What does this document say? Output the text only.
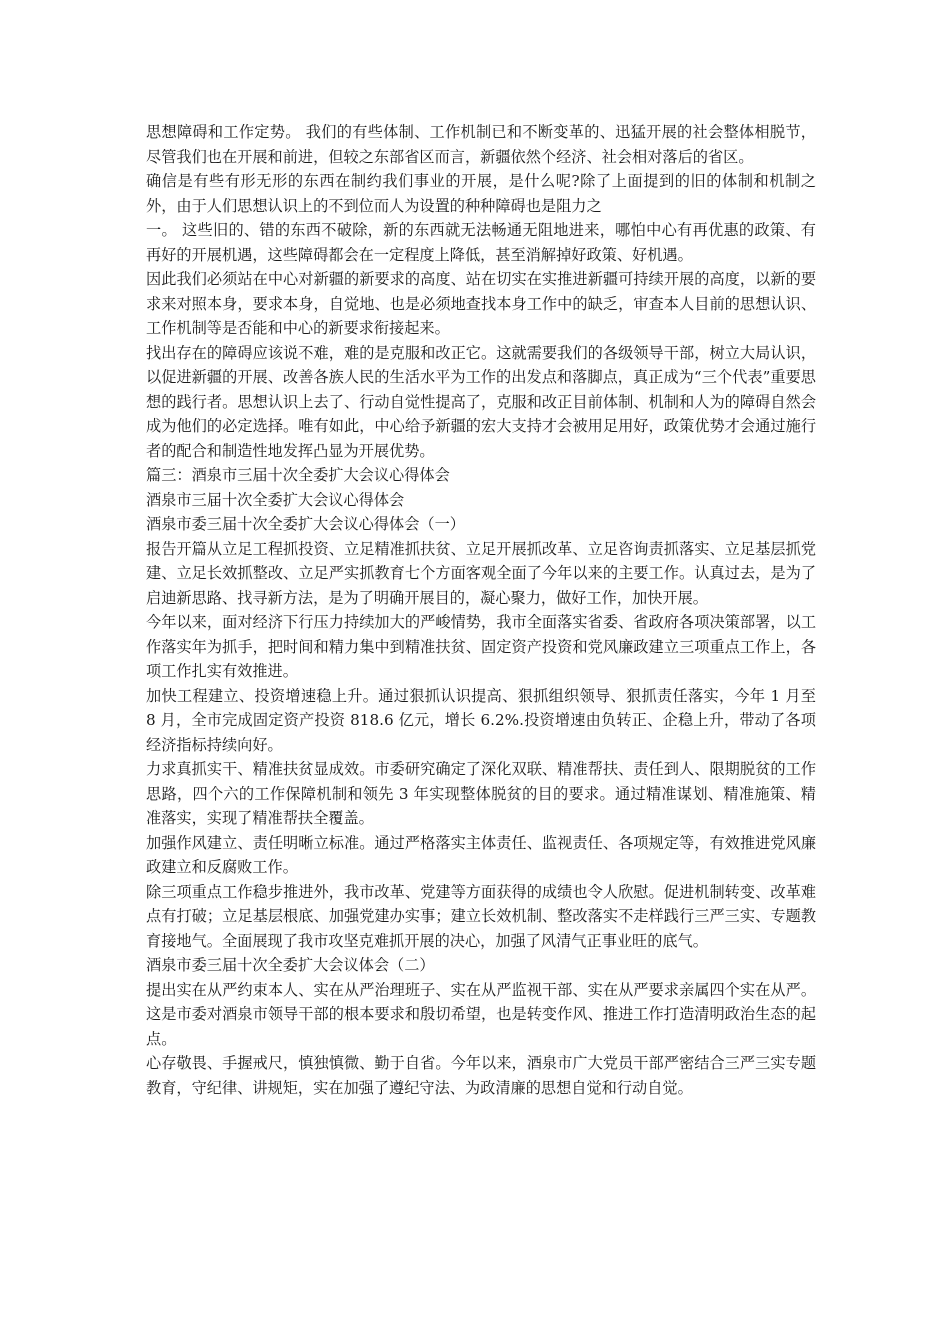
思想障碍和工作定势。 我们的有些体制、工作机制已和不断变革的、迅猛开展的社会整体相脱节，尽管我们也在开展和前进，但较之东部省区而言，新疆依然个经济、社会相对落后的省区。

确信是有些有形无形的东西在制约我们事业的开展，是什么呢?除了上面提到的旧的体制和机制之外，由于人们思想认识上的不到位而人为设置的种种障碍也是阻力之

一。 这些旧的、错的东西不破除，新的东西就无法畅通无阻地进来，哪怕中心有再优惠的政策、有再好的开展机遇，这些障碍都会在一定程度上降低，甚至消解掉好政策、好机遇。

因此我们必须站在中心对新疆的新要求的高度、站在切实在实推进新疆可持续开展的高度，以新的要求来对照本身，要求本身，自觉地、也是必须地查找本身工作中的缺乏，审查本人目前的思想认识、工作机制等是否能和中心的新要求衔接起来。

找出存在的障碍应该说不难，难的是克服和改正它。这就需要我们的各级领导干部，树立大局认识，以促进新疆的开展、改善各族人民的生活水平为工作的出发点和落脚点，真正成为“三个代表”重要思想的践行者。思想认识上去了、行动自觉性提高了，克服和改正目前体制、机制和人为的障碍自然会成为他们的必定选择。唯有如此，中心给予新疆的宏大支持才会被用足用好，政策优势才会通过施行者的配合和制造性地发挥凸显为开展优势。

篇三：酒泉市三届十次全委扩大会议心得体会

酒泉市三届十次全委扩大会议心得体会

酒泉市委三届十次全委扩大会议心得体会（一）

报告开篇从立足工程抓投资、立足精准抓扶贫、立足开展抓改革、立足咨询责抓落实、立足基层抓党建、立足长效抓整改、立足严实抓教育七个方面客观全面了今年以来的主要工作。认真过去，是为了启迪新思路、找寻新方法，是为了明确开展目的，凝心聚力，做好工作，加快开展。

今年以来，面对经济下行压力持续加大的严峻情势，我市全面落实省委、省政府各项决策部署，以工作落实年为抓手，把时间和精力集中到精准扶贫、固定资产投资和党风廉政建立三项重点工作上，各项工作扎实有效推进。

加快工程建立、投资增速稳上升。通过狠抓认识提高、狠抓组织领导、狠抓责任落实，今年 1 月至 8 月，全市完成固定资产投资 818.6 亿元，增长 6.2%.投资增速由负转正、企稳上升，带动了各项经济指标持续向好。

力求真抓实干、精准扶贫显成效。市委研究确定了深化双联、精准帮扶、责任到人、限期脱贫的工作思路，四个六的工作保障机制和领先 3 年实现整体脱贫的目的要求。通过精准谋划、精准施策、精准落实，实现了精准帮扶全覆盖。

加强作风建立、责任明晰立标准。通过严格落实主体责任、监视责任、各项规定等，有效推进党风廉政建立和反腐败工作。

除三项重点工作稳步推进外，我市改革、党建等方面获得的成绩也令人欣慰。促进机制转变、改革难点有打破；立足基层根底、加强党建办实事；建立长效机制、整改落实不走样践行三严三实、专题教育接地气。全面展现了我市攻坚克难抓开展的决心，加强了风清气正事业旺的底气。

酒泉市委三届十次全委扩大会议体会（二）

提出实在从严约束本人、实在从严治理班子、实在从严监视干部、实在从严要求亲属四个实在从严。这是市委对酒泉市领导干部的根本要求和殷切希望，也是转变作风、推进工作打造清明政治生态的起点。

心存敬畏、手握戒尺，慎独慎微、勤于自省。今年以来，酒泉市广大党员干部严密结合三严三实专题教育，守纪律、讲规矩，实在加强了遵纪守法、为政清廉的思想自觉和行动自觉。
